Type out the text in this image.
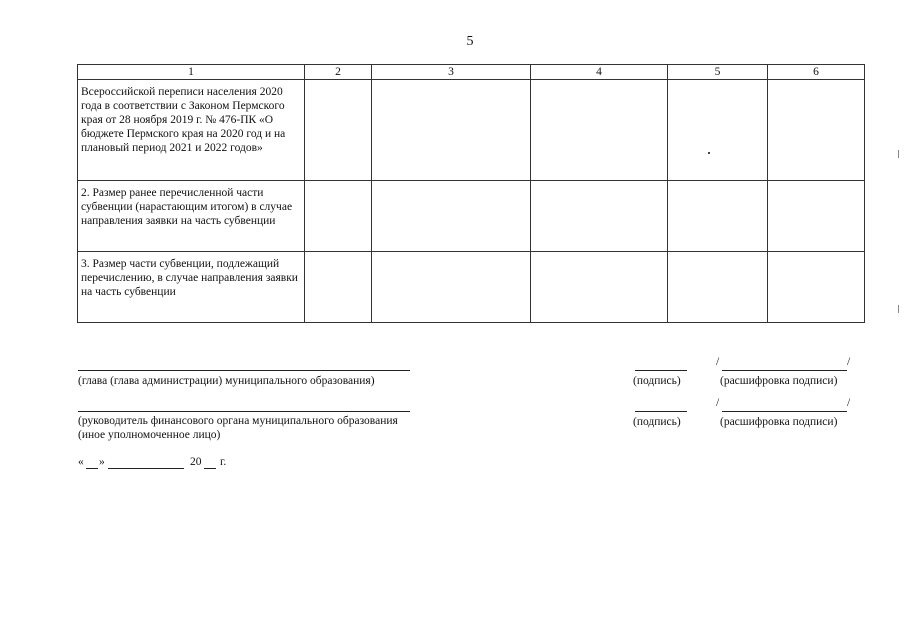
5
1	2	3	4	5	6

Всероссийской переписи населения 2020 года в соответствии с Законом Пермского края от 28 ноября 2019 г. № 476-ПК «О бюджете Пермского края на 2020 год и на плановый период 2021 и 2022 годов»					

2. Размер ранее перечисленной части субвенции (нарастающим итогом) в случае направления заявки на часть субвенции					

3. Размер части субвенции, подлежащий перечислению, в случае направления заявки на часть субвенции					

(глава (глава администрации) муниципального образования)	(подпись)
/	/
(расшифровка подписи)
(руководитель финансового органа муниципального образования
(иное уполномоченное лицо)
(подпись)
/	/
(расшифровка подписи)
« »	20 г.
